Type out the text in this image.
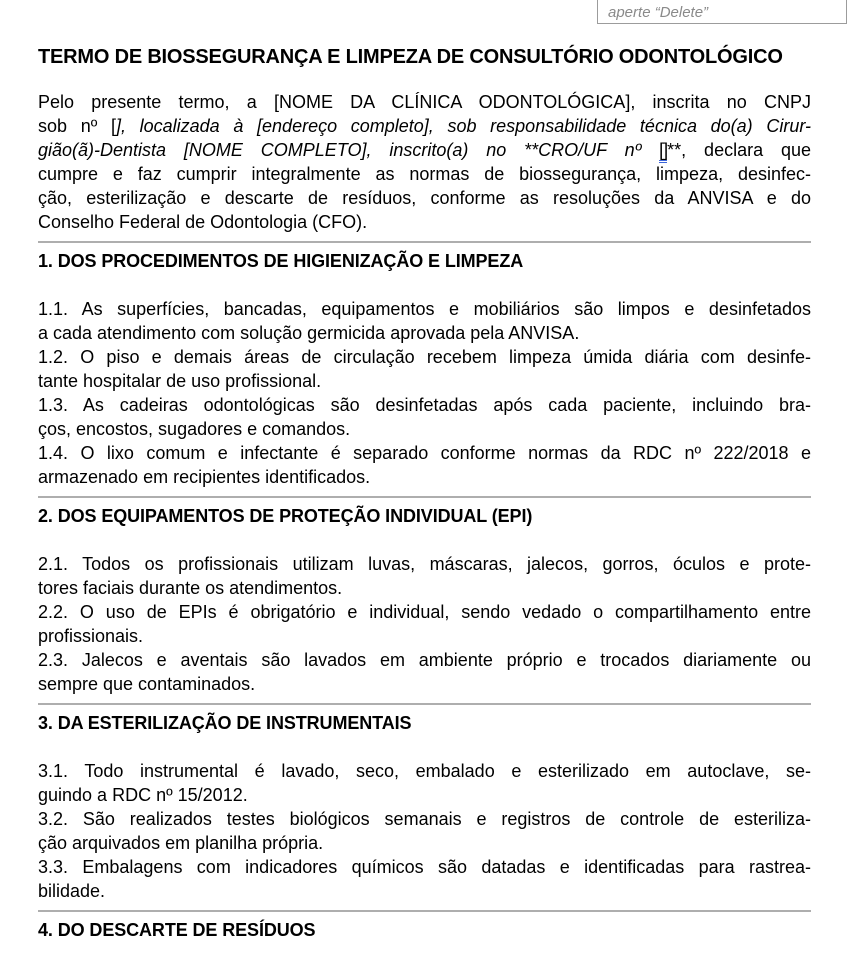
aperte “Delete”
TERMO DE BIOSSEGURANÇA E LIMPEZA DE CONSULTÓRIO ODONTOLÓGICO
Pelo presente termo, a [NOME DA CLÍNICA ODONTOLÓGICA], inscrita no CNPJ
sob nº [], localizada à [endereço completo], sob responsabilidade técnica do(a) Cirur-
gião(ã)-Dentista [NOME COMPLETO], inscrito(a) no **CRO/UF nº []**, declara que
cumpre e faz cumprir integralmente as normas de biossegurança, limpeza, desinfec-
ção, esterilização e descarte de resíduos, conforme as resoluções da ANVISA e do
Conselho Federal de Odontologia (CFO).
1. DOS PROCEDIMENTOS DE HIGIENIZAÇÃO E LIMPEZA
1.1. As superfícies, bancadas, equipamentos e mobiliários são limpos e desinfetados
a cada atendimento com solução germicida aprovada pela ANVISA.
1.2. O piso e demais áreas de circulação recebem limpeza úmida diária com desinfe-
tante hospitalar de uso profissional.
1.3. As cadeiras odontológicas são desinfetadas após cada paciente, incluindo bra-
ços, encostos, sugadores e comandos.
1.4. O lixo comum e infectante é separado conforme normas da RDC nº 222/2018 e
armazenado em recipientes identificados.
2. DOS EQUIPAMENTOS DE PROTEÇÃO INDIVIDUAL (EPI)
2.1. Todos os profissionais utilizam luvas, máscaras, jalecos, gorros, óculos e prote-
tores faciais durante os atendimentos.
2.2. O uso de EPIs é obrigatório e individual, sendo vedado o compartilhamento entre
profissionais.
2.3. Jalecos e aventais são lavados em ambiente próprio e trocados diariamente ou
sempre que contaminados.
3. DA ESTERILIZAÇÃO DE INSTRUMENTAIS
3.1. Todo instrumental é lavado, seco, embalado e esterilizado em autoclave, se-
guindo a RDC nº 15/2012.
3.2. São realizados testes biológicos semanais e registros de controle de esteriliza-
ção arquivados em planilha própria.
3.3. Embalagens com indicadores químicos são datadas e identificadas para rastrea-
bilidade.
4. DO DESCARTE DE RESÍDUOS
